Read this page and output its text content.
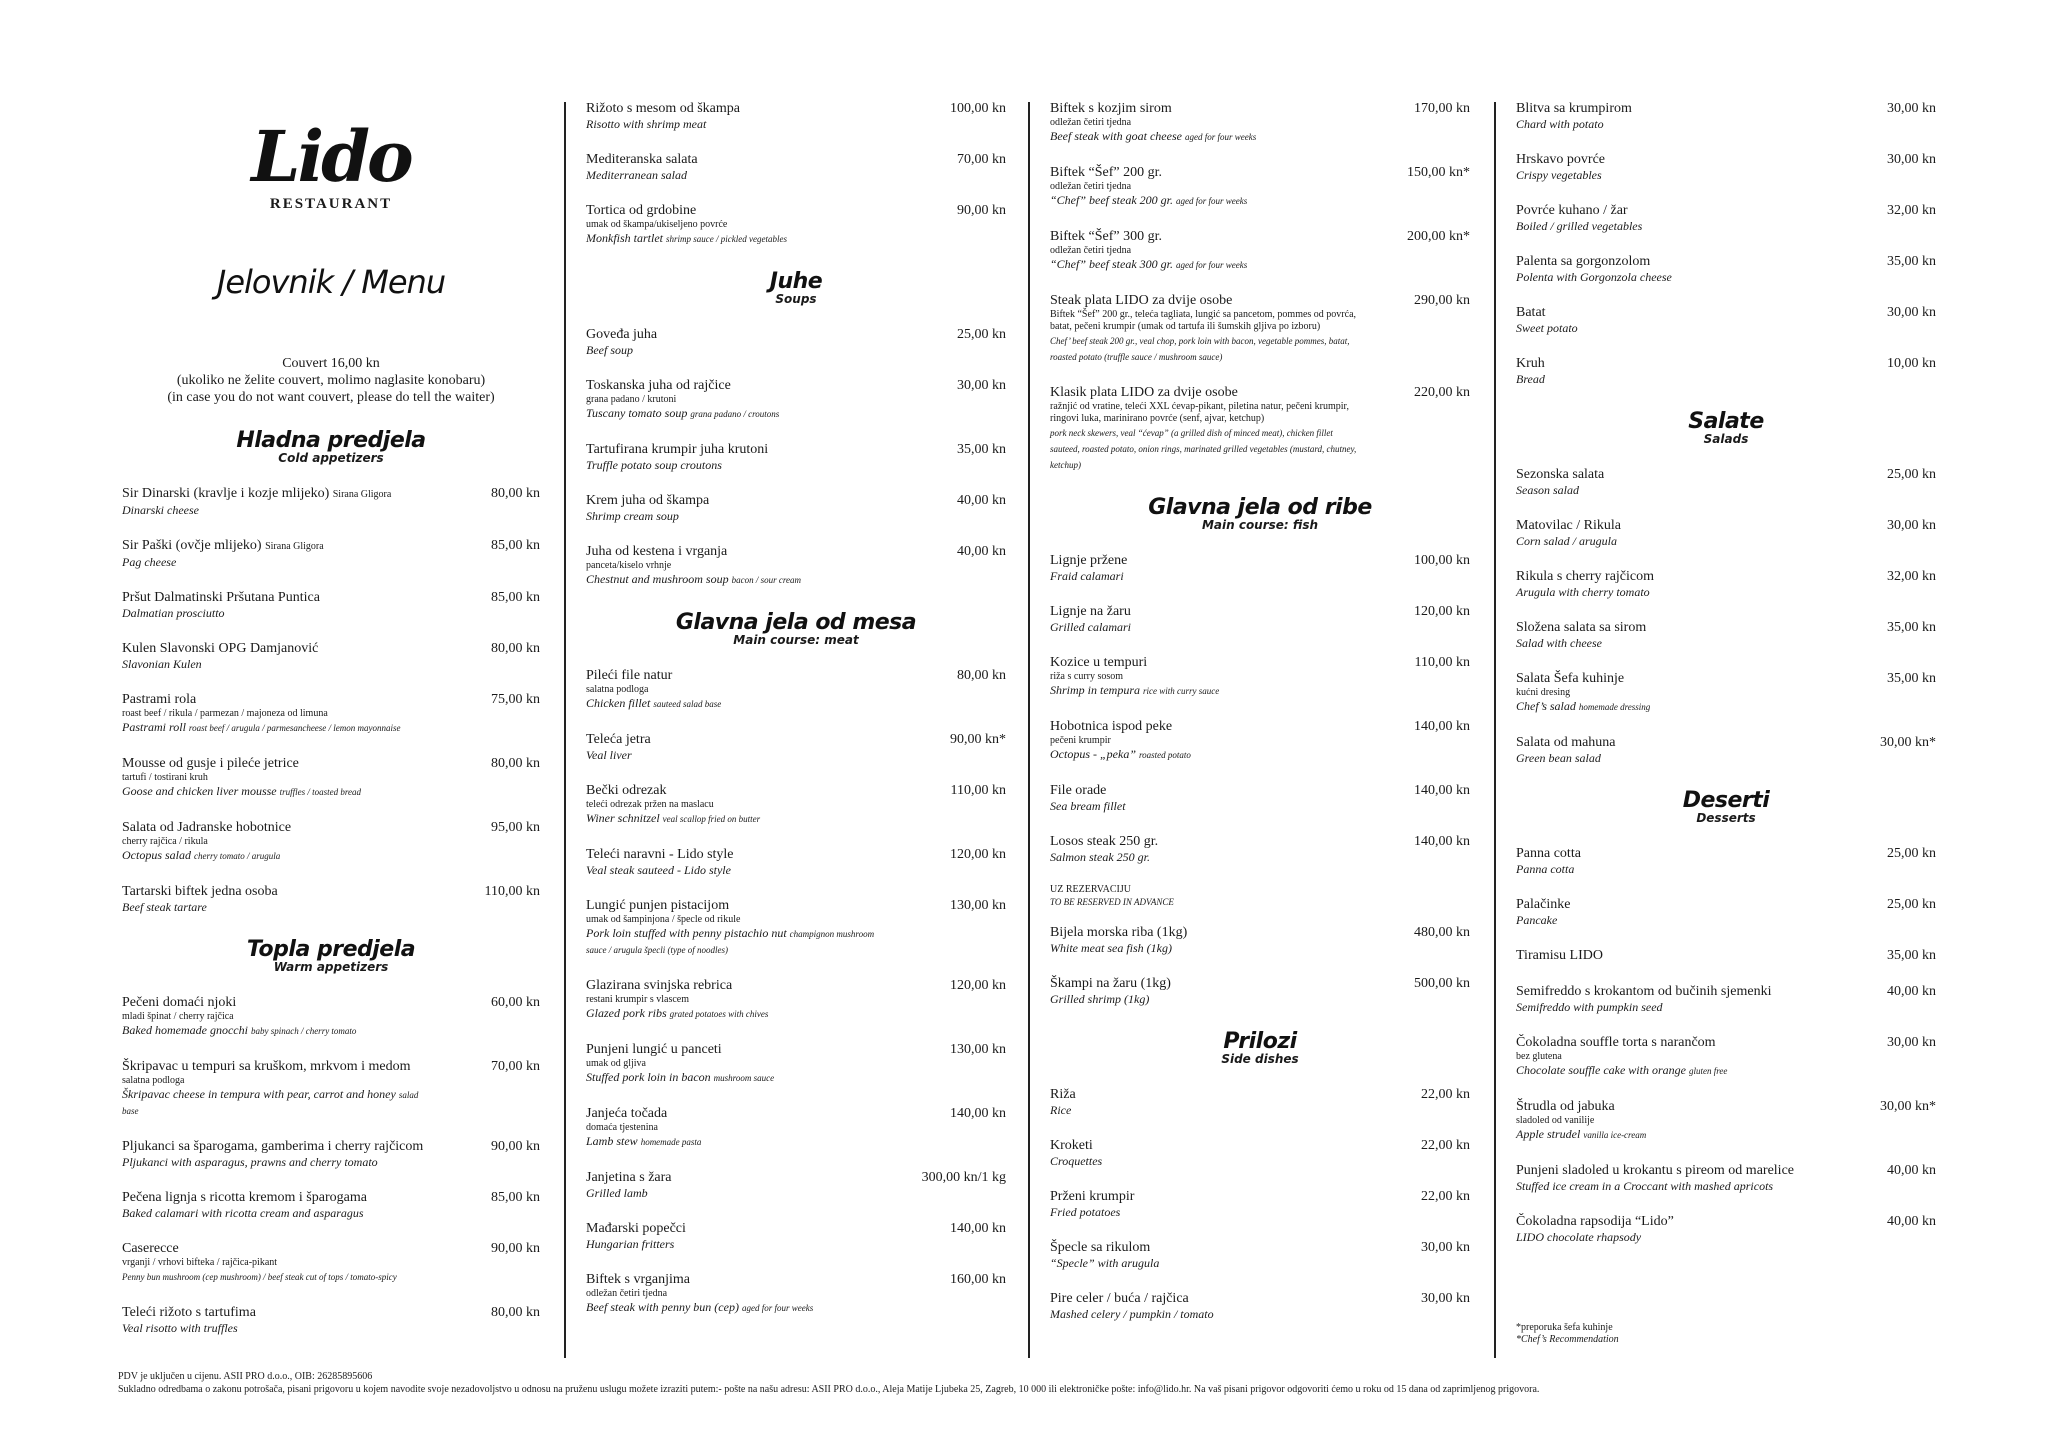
Lido
RESTAURANT
Jelovnik / Menu
Couvert 16,00 kn
(ukoliko ne želite couvert, molimo naglasite konobaru)
(in case you do not want couvert, please do tell the waiter)
Hladna predjela
Cold appetizers
Sir Dinarski (kravlje i kozje mlijeko) Sirana Gligora
Dinarski cheese
80,00 kn
Sir Paški (ovčje mlijeko) Sirana Gligora
Pag cheese
85,00 kn
Pršut Dalmatinski Pršutana Puntica
Dalmatian prosciutto
85,00 kn
Kulen Slavonski OPG Damjanović
Slavonian Kulen
80,00 kn
Pastrami rola
roast beef / rikula / parmezan / majoneza od limuna
Pastrami roll roast beef / arugula / parmesancheese / lemon mayonnaise
75,00 kn
Mousse od gusje i pileće jetrice
tartufi / tostirani kruh
Goose and chicken liver mousse truffles / toasted bread
80,00 kn
Salata od Jadranske hobotnice
cherry rajčica / rikula
Octopus salad cherry tomato / arugula
95,00 kn
Tartarski biftek jedna osoba
Beef steak tartare
110,00 kn
Topla predjela
Warm appetizers
Pečeni domaći njoki
mladi špinat / cherry rajčica
Baked homemade gnocchi baby spinach / cherry tomato
60,00 kn
Škripavac u tempuri sa kruškom, mrkvom i medom
salatna podloga
Škripavac cheese in tempura with pear, carrot and honey salad base
70,00 kn
Pljukanci sa šparogama, gamberima i cherry rajčicom
Pljukanci with asparagus, prawns and cherry tomato
90,00 kn
Pečena lignja s ricotta kremom i šparogama
Baked calamari with ricotta cream and asparagus
85,00 kn
Caserecce
vrganji / vrhovi bifteka / rajčica-pikant
Penny bun mushroom (cep mushroom) / beef steak cut of tops / tomato-spicy
90,00 kn
Teleći rižoto s tartufima
Veal risotto with truffles
80,00 kn
Rižoto s mesom od škampa
Risotto with shrimp meat
100,00 kn
Mediteranska salata
Mediterranean salad
70,00 kn
Tortica od grdobine
umak od škampa/ukiseljeno povrće
Monkfish tartlet shrimp sauce / pickled vegetables
90,00 kn
Juhe
Soups
Goveđa juha
Beef soup
25,00 kn
Toskanska juha od rajčice
grana padano / krutoni
Tuscany tomato soup grana padano / croutons
30,00 kn
Tartufirana krumpir juha krutoni
Truffle potato soup croutons
35,00 kn
Krem juha od škampa
Shrimp cream soup
40,00 kn
Juha od kestena i vrganja
panceta/kiselo vrhnje
Chestnut and mushroom soup bacon / sour cream
40,00 kn
Glavna jela od mesa
Main course: meat
Pileći file natur
salatna podloga
Chicken fillet sauteed salad base
80,00 kn
Teleća jetra
Veal liver
90,00 kn*
Bečki odrezak
teleći odrezak pržen na maslacu
Winer schnitzel veal scallop fried on butter
110,00 kn
Teleći naravni - Lido style
Veal steak sauteed - Lido style
120,00 kn
Lungić punjen pistacijom
umak od šampinjona / špecle od rikule
Pork loin stuffed with penny pistachio nut champignon mushroom sauce / arugula špecli (type of noodles)
130,00 kn
Glazirana svinjska rebrica
restani krumpir s vlascem
Glazed pork ribs grated potatoes with chives
120,00 kn
Punjeni lungić u panceti
umak od gljiva
Stuffed pork loin in bacon mushroom sauce
130,00 kn
Janjeća točada
domaća tjestenina
Lamb stew homemade pasta
140,00 kn
Janjetina s žara
Grilled lamb
300,00 kn/1 kg
Mađarski popečci
Hungarian fritters
140,00 kn
Biftek s vrganjima
odležan četiri tjedna
Beef steak with penny bun (cep) aged for four weeks
160,00 kn
Biftek s kozjim sirom
odležan četiri tjedna
Beef steak with goat cheese aged for four weeks
170,00 kn
Biftek “Šef” 200 gr.
odležan četiri tjedna
“Chef” beef steak 200 gr. aged for four weeks
150,00 kn*
Biftek “Šef” 300 gr.
odležan četiri tjedna
“Chef” beef steak 300 gr. aged for four weeks
200,00 kn*
Steak plata LIDO za dvije osobe
Biftek “Šef” 200 gr., teleća tagliata, lungić sa pancetom, pommes od povrća, batat, pečeni krumpir (umak od tartufa ili šumskih gljiva po izboru)
Chef’ beef steak 200 gr., veal chop, pork loin with bacon, vegetable pommes, batat, roasted potato (truffle sauce / mushroom sauce)
290,00 kn
Klasik plata LIDO za dvije osobe
ražnjić od vratine, teleći XXL ćevap-pikant, piletina natur, pečeni krumpir, ringovi luka, marinirano povrće (senf, ajvar, ketchup)
pork neck skewers, veal “ćevap” (a grilled dish of minced meat), chicken fillet sauteed, roasted potato, onion rings, marinated grilled vegetables (mustard, chutney, ketchup)
220,00 kn
Glavna jela od ribe
Main course: fish
Lignje pržene
Fraid calamari
100,00 kn
Lignje na žaru
Grilled calamari
120,00 kn
Kozice u tempuri
riža s curry sosom
Shrimp in tempura rice with curry sauce
110,00 kn
Hobotnica ispod peke
pečeni krumpir
Octopus - „peka” roasted potato
140,00 kn
File orade
Sea bream fillet
140,00 kn
Losos steak 250 gr.
Salmon steak 250 gr.
140,00 kn
UZ REZERVACIJU
TO BE RESERVED IN ADVANCE
Bijela morska riba (1kg)
White meat sea fish (1kg)
480,00 kn
Škampi na žaru (1kg)
Grilled shrimp (1kg)
500,00 kn
Prilozi
Side dishes
Riža
Rice
22,00 kn
Kroketi
Croquettes
22,00 kn
Prženi krumpir
Fried potatoes
22,00 kn
Špecle sa rikulom
“Specle” with arugula
30,00 kn
Pire celer / buća / rajčica
Mashed celery / pumpkin / tomato
30,00 kn
Blitva sa krumpirom
Chard with potato
30,00 kn
Hrskavo povrće
Crispy vegetables
30,00 kn
Povrće kuhano / žar
Boiled / grilled vegetables
32,00 kn
Palenta sa gorgonzolom
Polenta with Gorgonzola cheese
35,00 kn
Batat
Sweet potato
30,00 kn
Kruh
Bread
10,00 kn
Salate
Salads
Sezonska salata
Season salad
25,00 kn
Matovilac / Rikula
Corn salad / arugula
30,00 kn
Rikula s cherry rajčicom
Arugula with cherry tomato
32,00 kn
Složena salata sa sirom
Salad with cheese
35,00 kn
Salata Šefa kuhinje
kućni dresing
Chef’s salad homemade dressing
35,00 kn
Salata od mahuna
Green bean salad
30,00 kn*
Deserti
Desserts
Panna cotta
Panna cotta
25,00 kn
Palačinke
Pancake
25,00 kn
Tiramisu LIDO	35,00 kn
Semifreddo s krokantom od bučinih sjemenki
Semifreddo with pumpkin seed
40,00 kn
Čokoladna souffle torta s narančom
bez glutena
Chocolate souffle cake with orange gluten free
30,00 kn
Štrudla od jabuka
sladoled od vanilije
Apple strudel vanilla ice-cream
30,00 kn*
Punjeni sladoled u krokantu s pireom od marelice
Stuffed ice cream in a Croccant with mashed apricots
40,00 kn
Čokoladna rapsodija “Lido”
LIDO chocolate rhapsody
40,00 kn
*preporuka šefa kuhinje
*Chef’s Recommendation
PDV je uključen u cijenu. ASII PRO d.o.o., OIB: 26285895606
Sukladno odredbama o zakonu potrošača, pisani prigovoru u kojem navodite svoje nezadovoljstvo u odnosu na pruženu uslugu možete izraziti putem:- pošte na našu adresu: ASII PRO d.o.o., Aleja Matije Ljubeka 25, Zagreb, 10 000 ili elektroničke pošte: info@lido.hr. Na vaš pisani prigovor odgovoriti ćemo u roku od 15 dana od zaprimljenog prigovora.
